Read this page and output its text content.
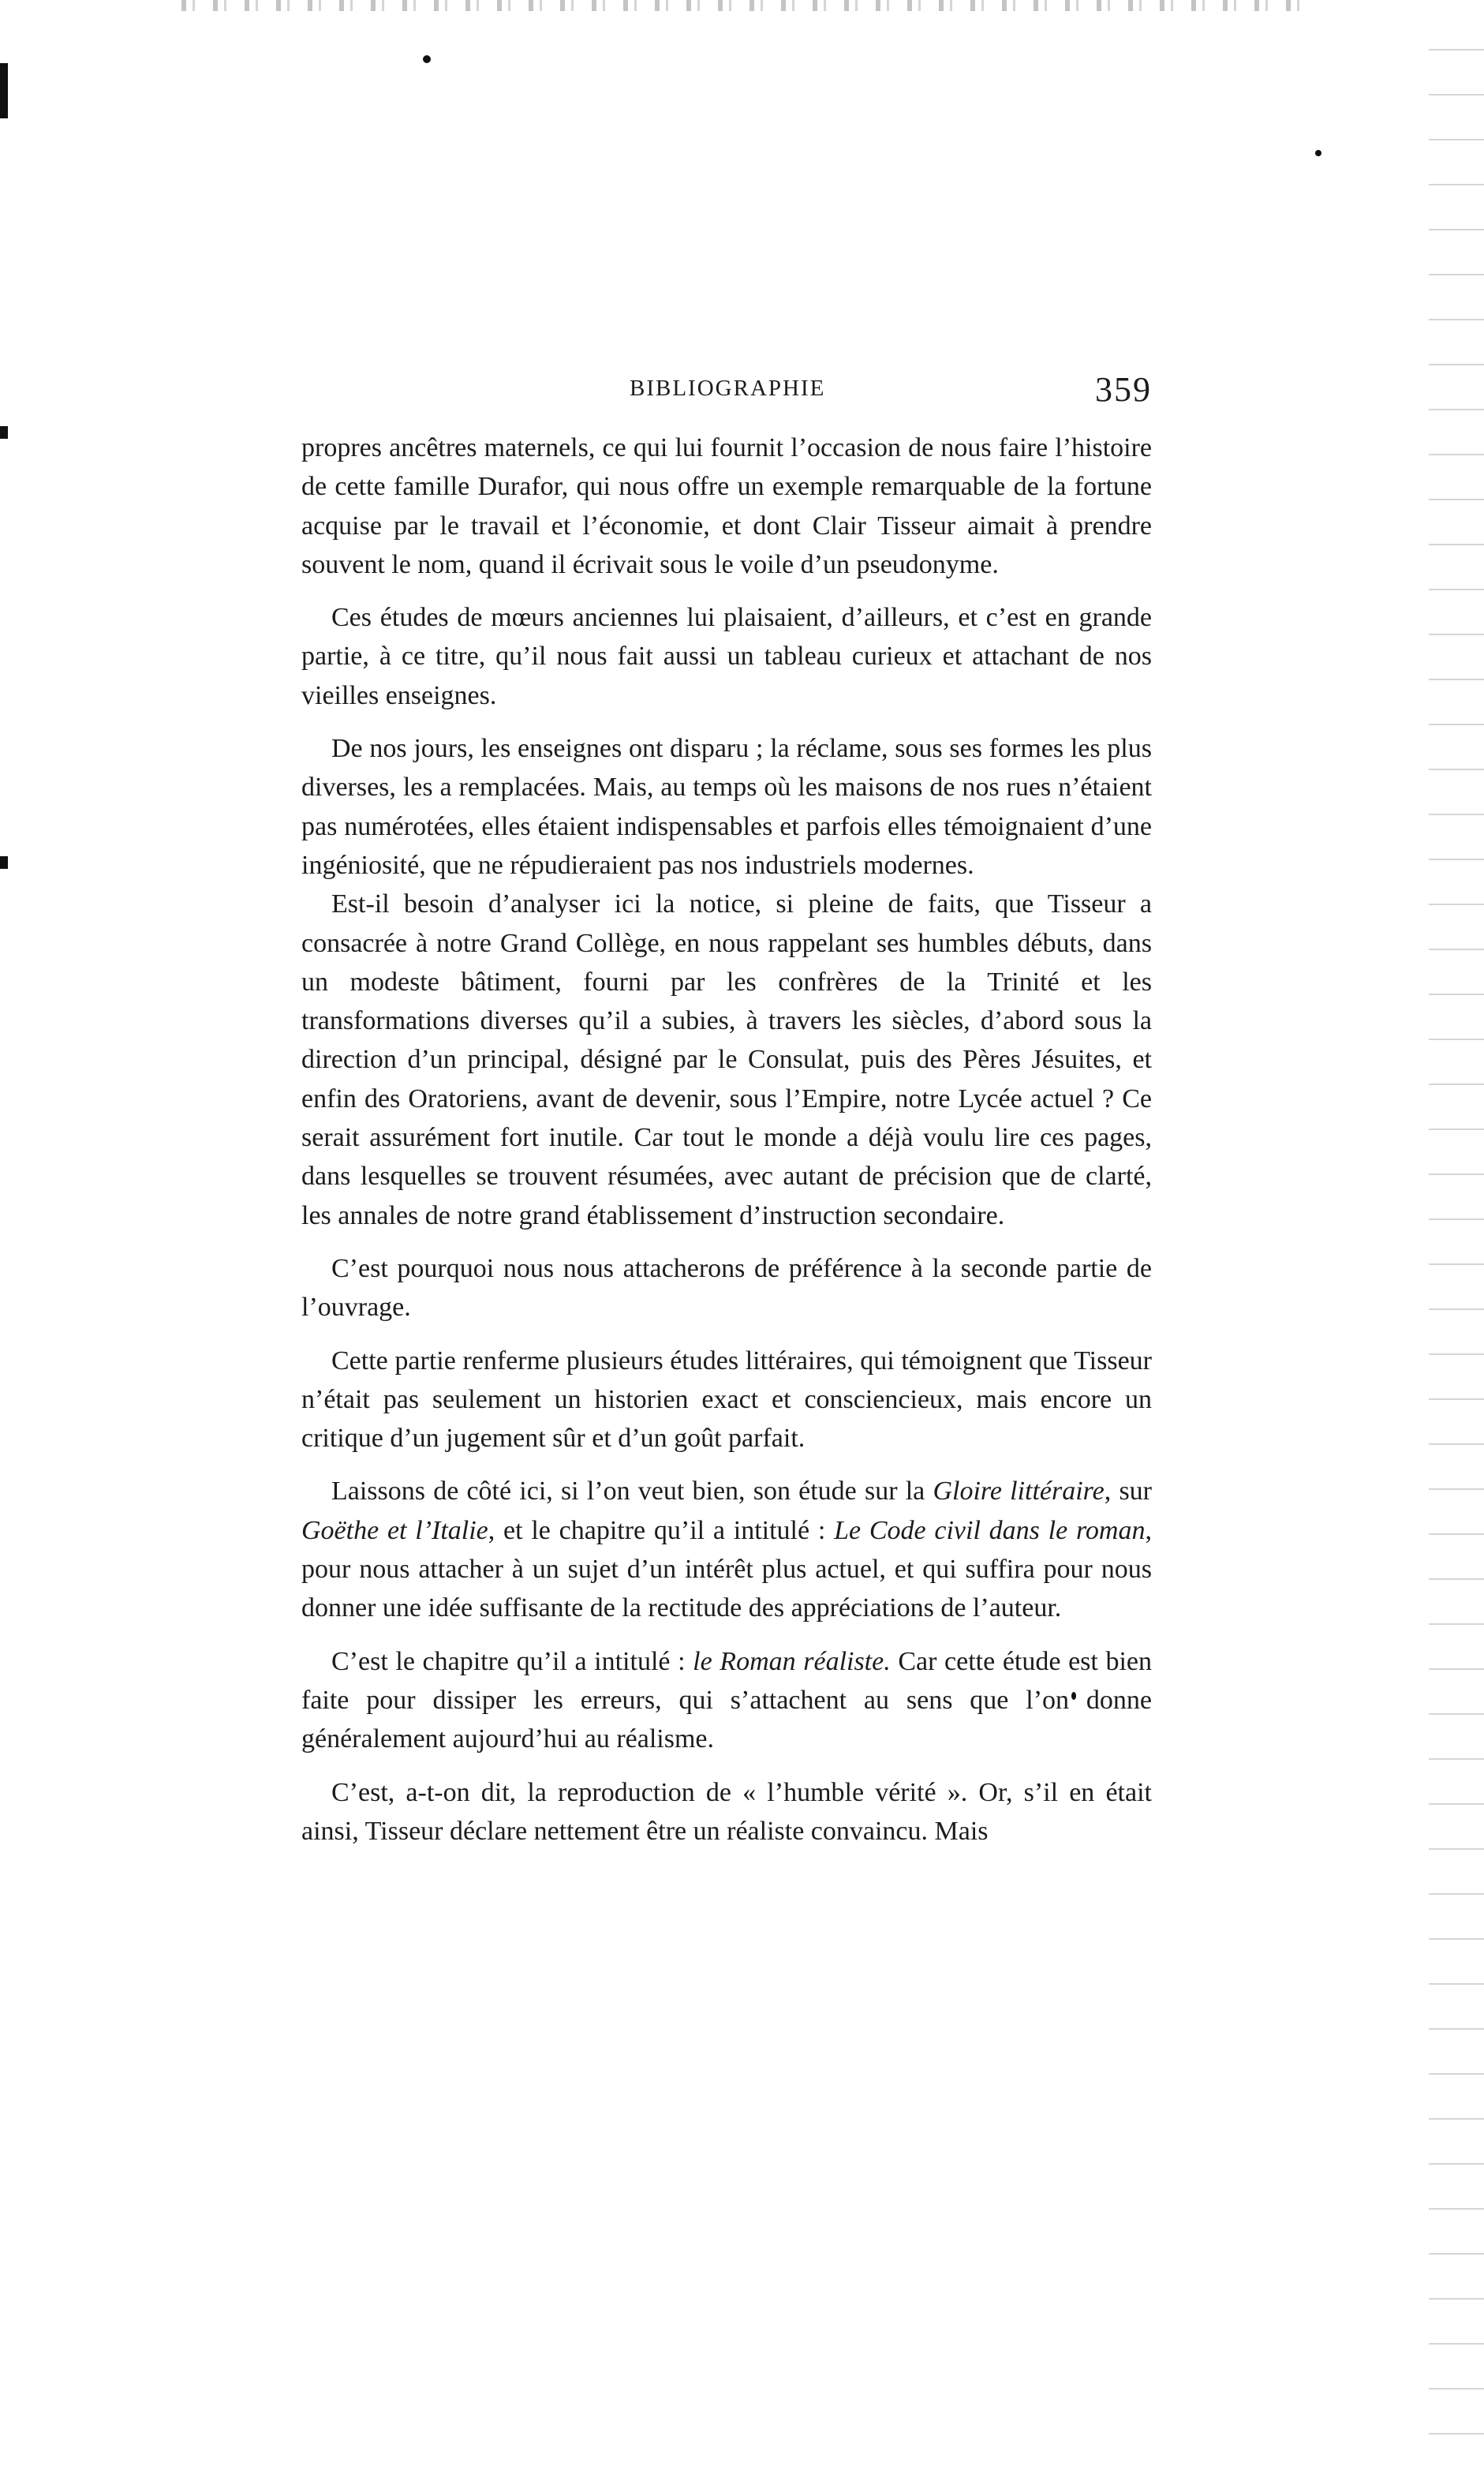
BIBLIOGRAPHIE	359

propres ancêtres maternels, ce qui lui fournit l’occasion de nous faire l’histoire de cette famille Durafor, qui nous offre un exemple remarquable de la fortune acquise par le travail et l’économie, et dont Clair Tisseur aimait à prendre souvent le nom, quand il écrivait sous le voile d’un pseudonyme.

Ces études de mœurs anciennes lui plaisaient, d’ailleurs, et c’est en grande partie, à ce titre, qu’il nous fait aussi un tableau curieux et attachant de nos vieilles enseignes.

De nos jours, les enseignes ont disparu ; la réclame, sous ses formes les plus diverses, les a remplacées. Mais, au temps où les maisons de nos rues n’étaient pas numérotées, elles étaient indispensables et parfois elles témoignaient d’une ingéniosité, que ne répudieraient pas nos industriels modernes.

Est-il besoin d’analyser ici la notice, si pleine de faits, que Tisseur a consacrée à notre Grand Collège, en nous rappelant ses humbles débuts, dans un modeste bâtiment, fourni par les confrères de la Trinité et les transformations diverses qu’il a subies, à travers les siècles, d’abord sous la direction d’un principal, désigné par le Consulat, puis des Pères Jésuites, et enfin des Oratoriens, avant de devenir, sous l’Empire, notre Lycée actuel ? Ce serait assurément fort inutile. Car tout le monde a déjà voulu lire ces pages, dans lesquelles se trouvent résumées, avec autant de précision que de clarté, les annales de notre grand établissement d’instruction secondaire.

C’est pourquoi nous nous attacherons de préférence à la seconde partie de l’ouvrage.

Cette partie renferme plusieurs études littéraires, qui témoignent que Tisseur n’était pas seulement un historien exact et consciencieux, mais encore un critique d’un jugement sûr et d’un goût parfait.

Laissons de côté ici, si l’on veut bien, son étude sur la Gloire littéraire, sur Goëthe et l’Italie, et le chapitre qu’il a intitulé : Le Code civil dans le roman, pour nous attacher à un sujet d’un intérêt plus actuel, et qui suffira pour nous donner une idée suffisante de la rectitude des appréciations de l’auteur.

C’est le chapitre qu’il a intitulé : le Roman réaliste. Car cette étude est bien faite pour dissiper les erreurs, qui s’attachent au sens que l’on donne généralement aujourd’hui au réalisme.

C’est, a-t-on dit, la reproduction de « l’humble vérité ». Or, s’il en était ainsi, Tisseur déclare nettement être un réaliste convaincu. Mais
